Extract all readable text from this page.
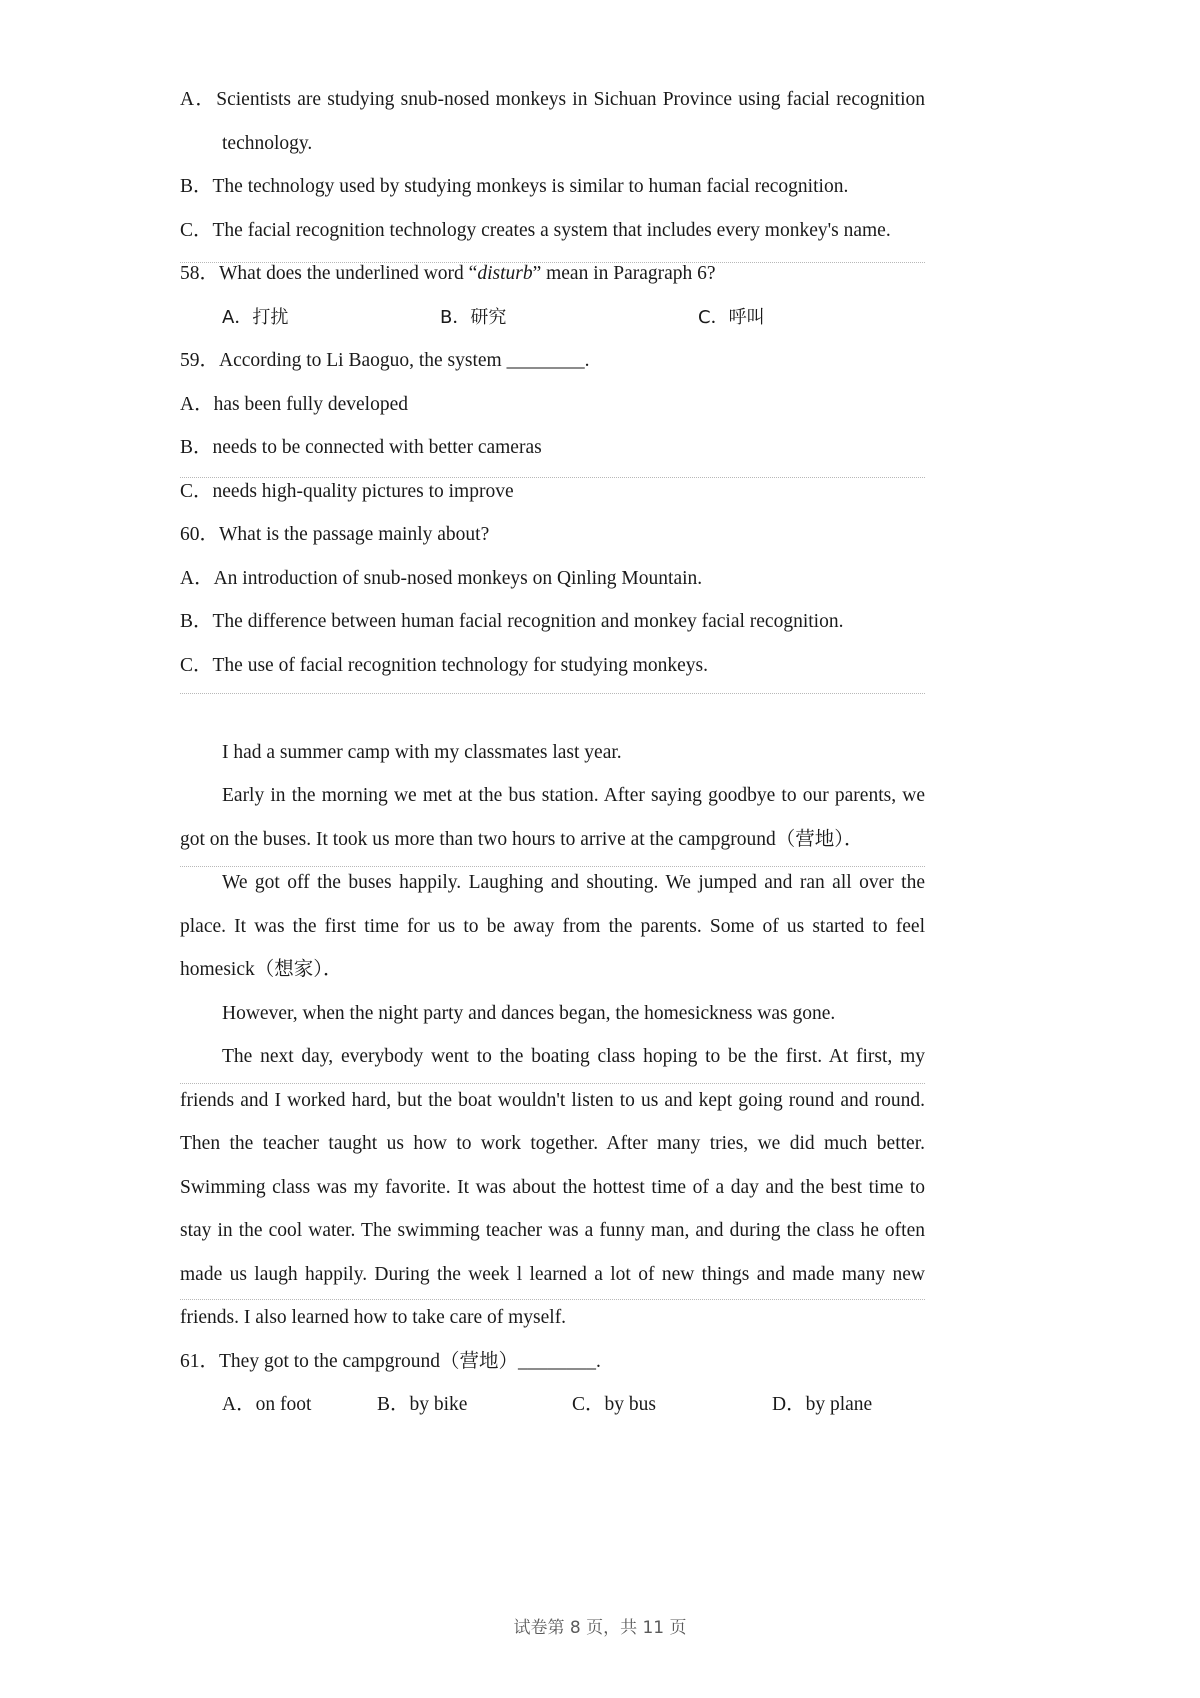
A．Scientists are studying snub-nosed monkeys in Sichuan Province using facial recognition technology.
B．The technology used by studying monkeys is similar to human facial recognition.
C．The facial recognition technology creates a system that includes every monkey's name.
58．What does the underlined word “disturb” mean in Paragraph 6?
A．打扰	B．研究	C．呼叫
59．According to Li Baoguo, the system ________.
A．has been fully developed
B．needs to be connected with better cameras
C．needs high-quality pictures to improve
60．What is the passage mainly about?
A．An introduction of snub-nosed monkeys on Qinling Mountain.
B．The difference between human facial recognition and monkey facial recognition.
C．The use of facial recognition technology for studying monkeys.
I had a summer camp with my classmates last year.
Early in the morning we met at the bus station. After saying goodbye to our parents, we got on the buses. It took us more than two hours to arrive at the campground（营地）．
We got off the buses happily. Laughing and shouting. We jumped and ran all over the place. It was the first time for us to be away from the parents. Some of us started to feel homesick（想家）．
However, when the night party and dances began, the homesickness was gone.
The next day, everybody went to the boating class hoping to be the first. At first, my friends and I worked hard, but the boat wouldn't listen to us and kept going round and round. Then the teacher taught us how to work together. After many tries, we did much better. Swimming class was my favorite. It was about the hottest time of a day and the best time to stay in the cool water. The swimming teacher was a funny man, and during the class he often made us laugh happily. During the week l learned a lot of new things and made many new friends. I also learned how to take care of myself.
61．They got to the campground（营地）________.
A．on foot	B．by bike	C．by bus	D．by plane
试卷第 8 页，共 11 页
